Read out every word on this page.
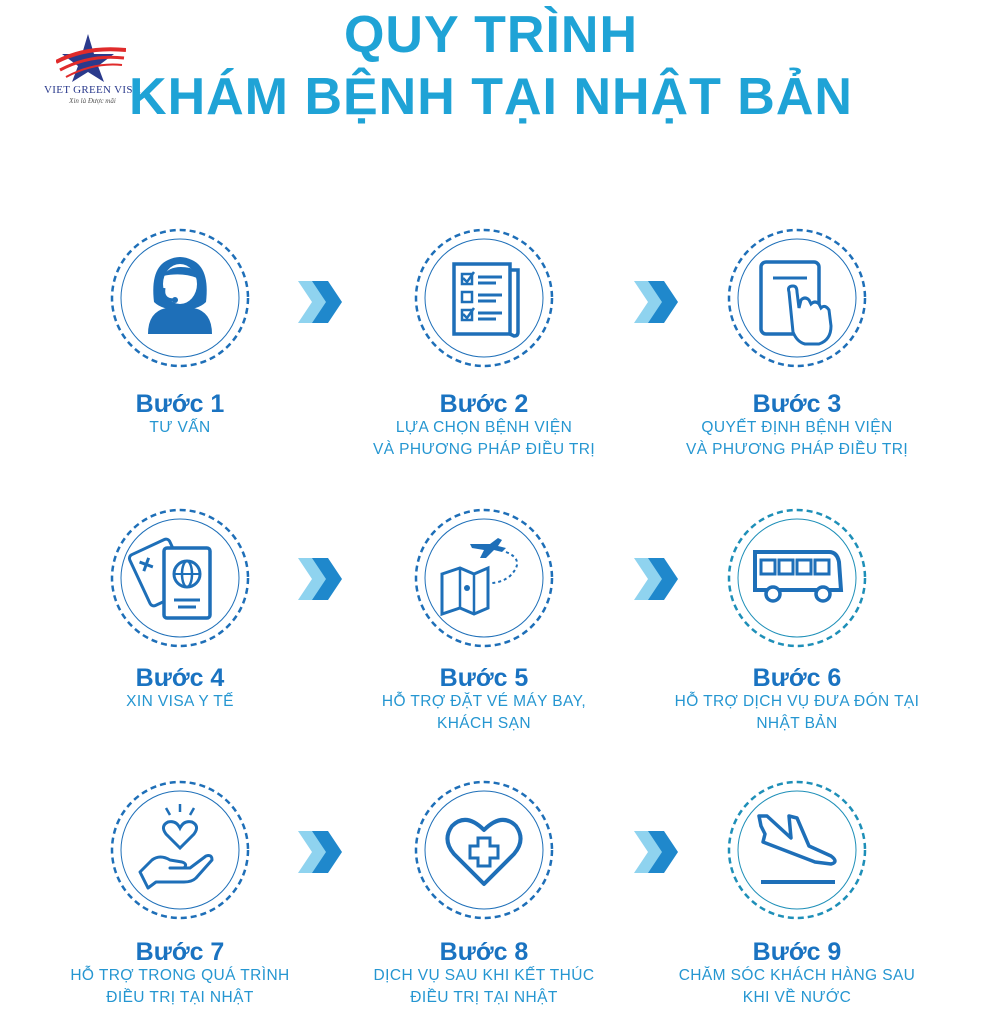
VIET GREEN VISA
Xin là Được mãi
QUY TRÌNH
KHÁM BỆNH TẠI NHẬT BẢN
Bước 1
TƯ VẤN
Bước 2
LỰA CHỌN BỆNH VIỆN
VÀ PHƯƠNG PHÁP ĐIỀU TRỊ
Bước 3
QUYẾT ĐỊNH BỆNH VIỆN
VÀ PHƯƠNG PHÁP ĐIỀU TRỊ
Bước 4
XIN VISA Y TẾ
Bước 5
HỖ TRỢ ĐẶT VÉ MÁY BAY,
KHÁCH SẠN
Bước 6
HỖ TRỢ DỊCH VỤ ĐƯA ĐÓN TẠI
NHẬT BẢN
Bước 7
HỖ TRỢ TRONG QUÁ TRÌNH
ĐIỀU TRỊ TẠI NHẬT
Bước 8
DỊCH VỤ SAU KHI KẾT THÚC
ĐIỀU TRỊ TẠI NHẬT
Bước 9
CHĂM SÓC KHÁCH HÀNG SAU
KHI VỀ NƯỚC
